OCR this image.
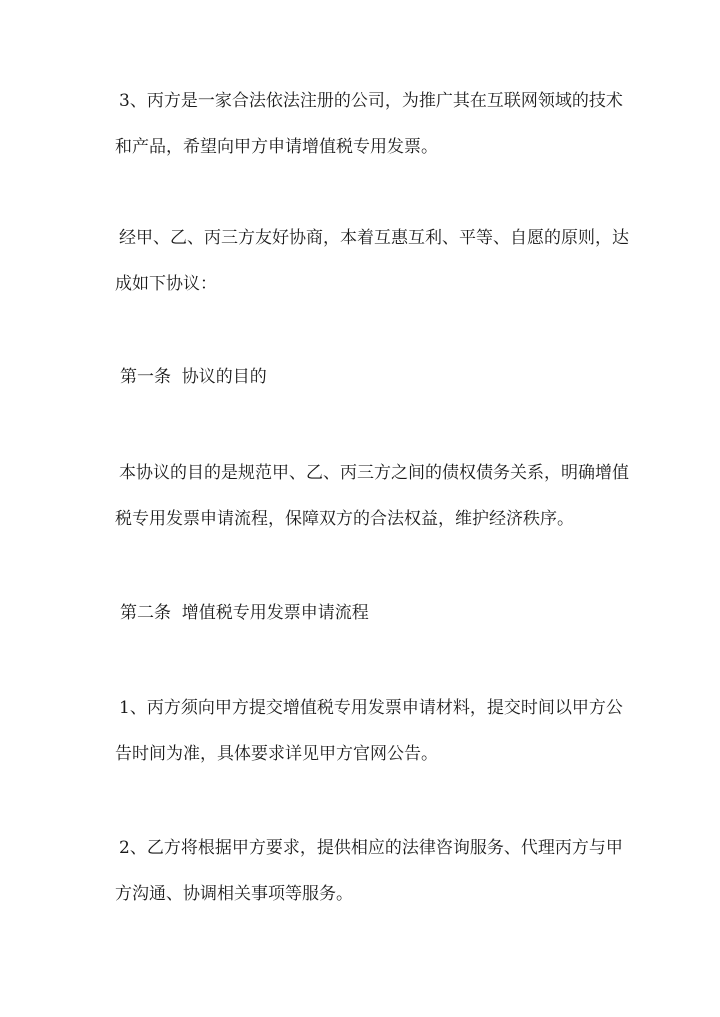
3、丙方是一家合法依法注册的公司，为推广其在互联网领域的技术
和产品，希望向甲方申请增值税专用发票。

经甲、乙、丙三方友好协商，本着互惠互利、平等、自愿的原则，达
成如下协议：

第一条  协议的目的

本协议的目的是规范甲、乙、丙三方之间的债权债务关系，明确增值
税专用发票申请流程，保障双方的合法权益，维护经济秩序。

第二条  增值税专用发票申请流程

1、丙方须向甲方提交增值税专用发票申请材料，提交时间以甲方公
告时间为准，具体要求详见甲方官网公告。

2、乙方将根据甲方要求，提供相应的法律咨询服务、代理丙方与甲
方沟通、协调相关事项等服务。
